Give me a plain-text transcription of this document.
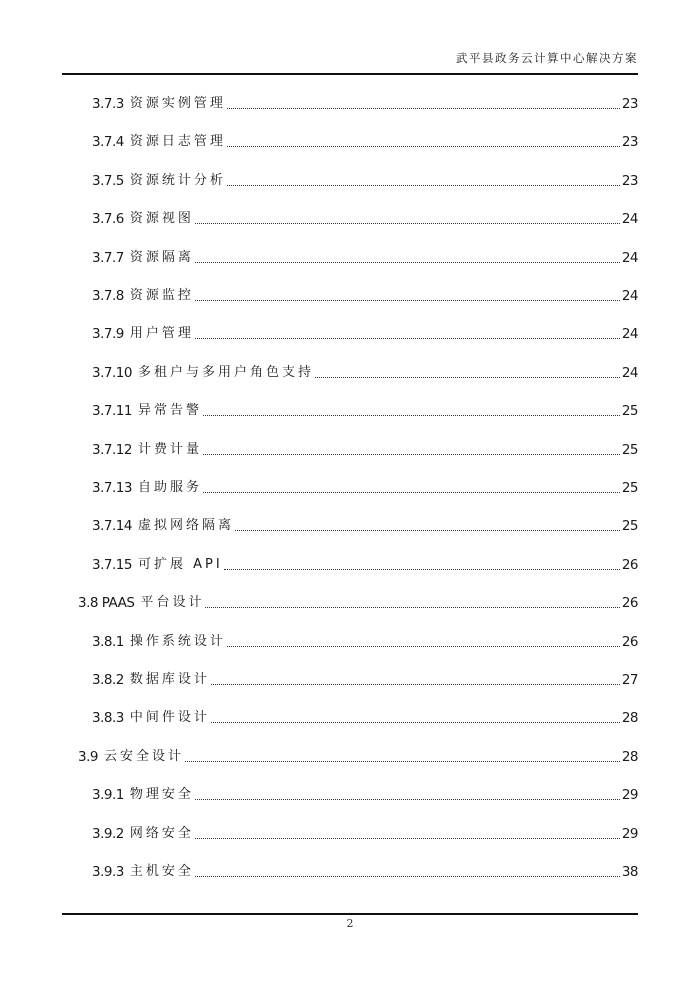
武平县政务云计算中心解决方案
3.7.3 资源实例管理	23
3.7.4 资源日志管理	23
3.7.5 资源统计分析	23
3.7.6 资源视图	24
3.7.7 资源隔离	24
3.7.8 资源监控	24
3.7.9 用户管理	24
3.7.10 多租户与多用户角色支持	24
3.7.11 异常告警	25
3.7.12 计费计量	25
3.7.13 自助服务	25
3.7.14 虚拟网络隔离	25
3.7.15 可扩展 API	26
3.8 PAAS 平台设计	26
3.8.1 操作系统设计	26
3.8.2 数据库设计	27
3.8.3 中间件设计	28
3.9 云安全设计	28
3.9.1 物理安全	29
3.9.2 网络安全	29
3.9.3 主机安全	38
2
